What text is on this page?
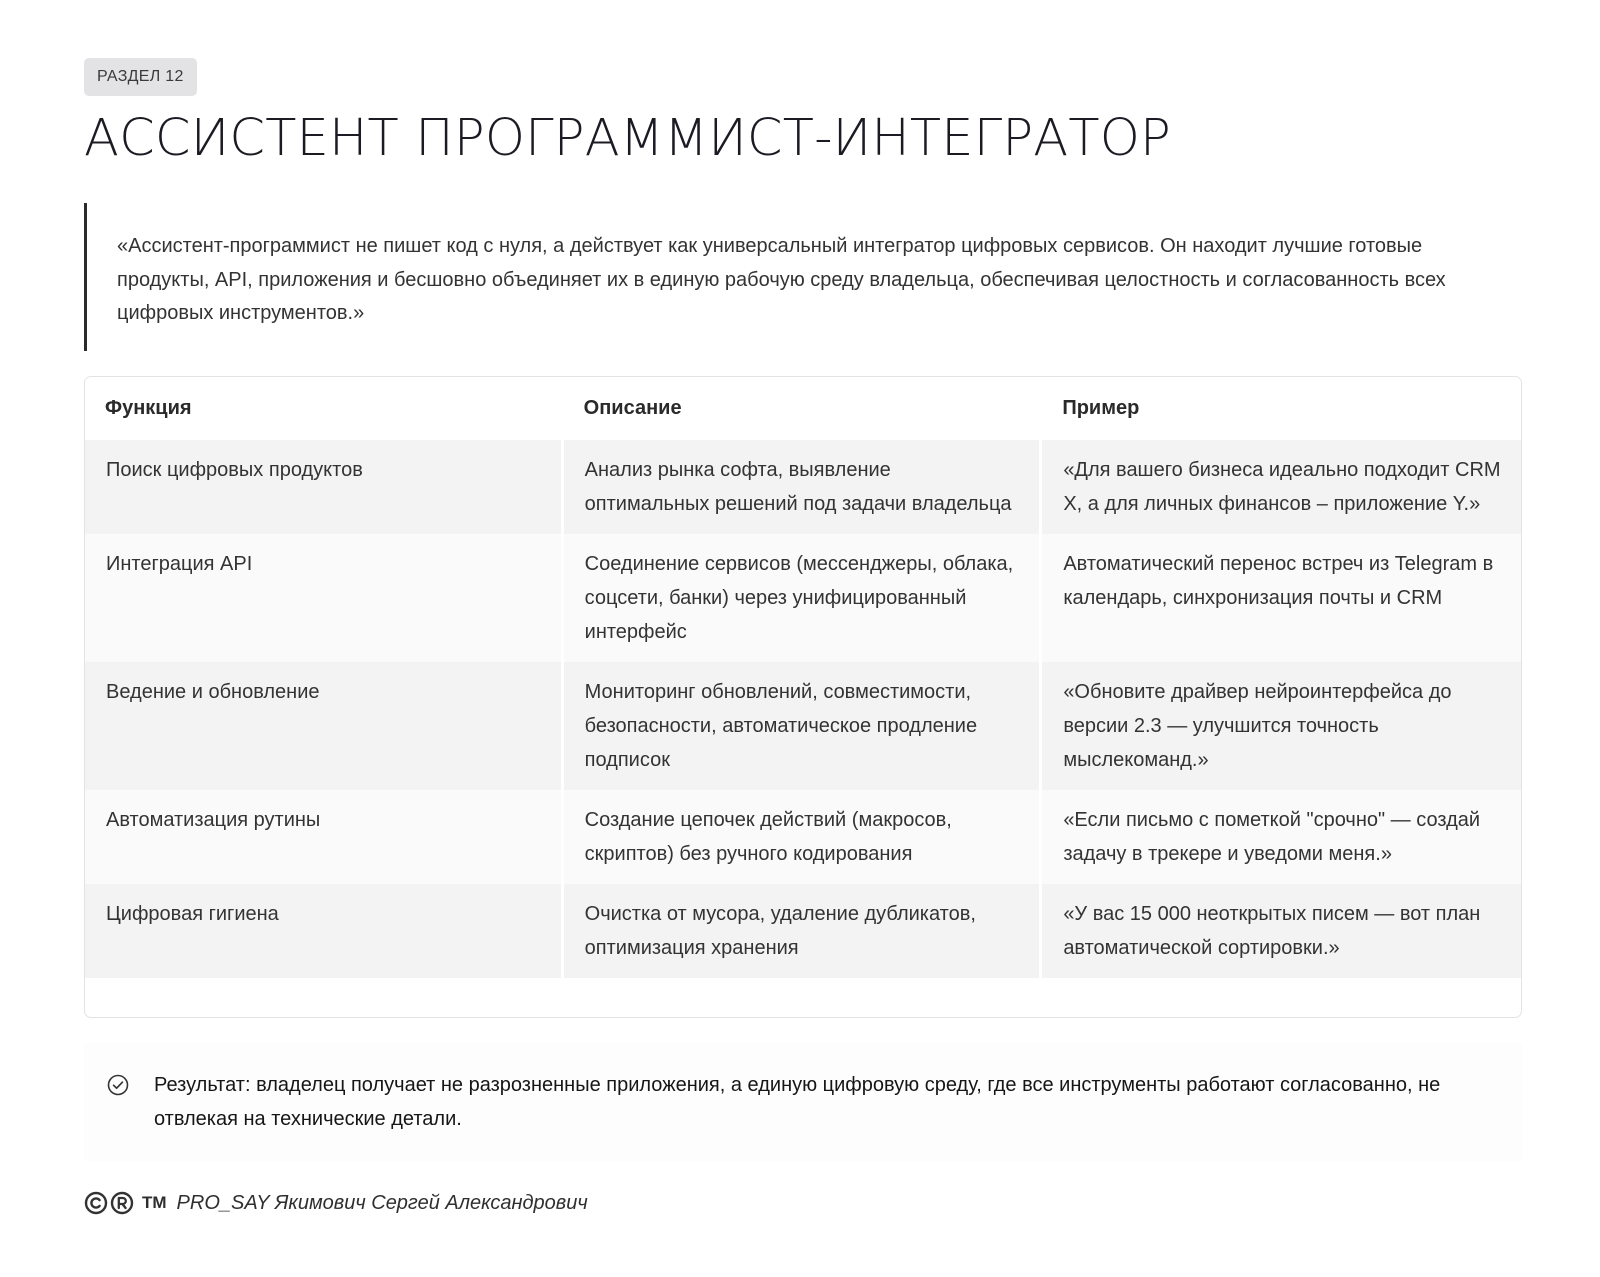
РАЗДЕЛ 12
АССИСТЕНТ ПРОГРАММИСТ-ИНТЕГРАТОР
«Ассистент-программист не пишет код с нуля, а действует как универсальный интегратор цифровых сервисов. Он находит лучшие готовые продукты, API, приложения и бесшовно объединяет их в единую рабочую среду владельца, обеспечивая целостность и согласованность всех цифровых инструментов.»
Функция	Описание	Пример
Поиск цифровых продуктов	Анализ рынка софта, выявление оптимальных решений под задачи владельца	«Для вашего бизнеса идеально подходит CRM X, а для личных финансов – приложение Y.»
Интеграция API	Соединение сервисов (мессенджеры, облака, соцсети, банки) через унифицированный интерфейс	Автоматический перенос встреч из Telegram в календарь, синхронизация почты и CRM
Ведение и обновление	Мониторинг обновлений, совместимости, безопасности, автоматическое продление подписок	«Обновите драйвер нейроинтерфейса до версии 2.3 — улучшится точность мыслекоманд.»
Автоматизация рутины	Создание цепочек действий (макросов, скриптов) без ручного кодирования	«Если письмо с пометкой "срочно" — создай задачу в трекере и уведоми меня.»
Цифровая гигиена	Очистка от мусора, удаление дубликатов, оптимизация хранения	«У вас 15 000 неоткрытых писем — вот план автоматической сортировки.»
Результат: владелец получает не разрозненные приложения, а единую цифровую среду, где все инструменты работают согласованно, не отвлекая на технические детали.
TM PRO_SAY Якимович Сергей Александрович
